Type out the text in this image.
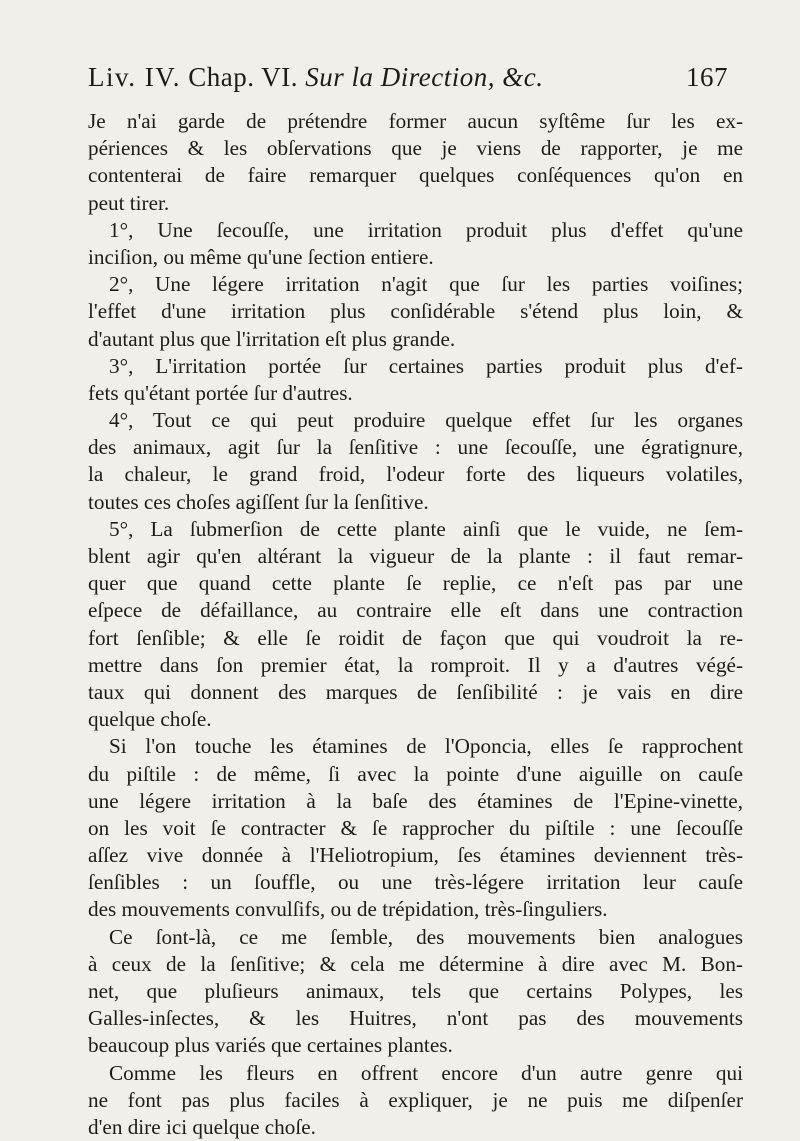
Liv. IV. Chap. VI. Sur la Direction, &c.	167
Je n'ai garde de prétendre former aucun syſtême ſur les ex-
périences & les obſervations que je viens de rapporter, je me
contenterai de faire remarquer quelques conſéquences qu'on en
peut tirer.
1°, Une ſecouſſe, une irritation produit plus d'effet qu'une
inciſion, ou même qu'une ſection entiere.
2°, Une légere irritation n'agit que ſur les parties voiſines;
l'effet d'une irritation plus conſidérable s'étend plus loin, &
d'autant plus que l'irritation eſt plus grande.
3°, L'irritation portée ſur certaines parties produit plus d'ef-
fets qu'étant portée ſur d'autres.
4°, Tout ce qui peut produire quelque effet ſur les organes
des animaux, agit ſur la ſenſitive : une ſecouſſe, une égratignure,
la chaleur, le grand froid, l'odeur forte des liqueurs volatiles,
toutes ces choſes agiſſent ſur la ſenſitive.
5°, La ſubmerſion de cette plante ainſi que le vuide, ne ſem-
blent agir qu'en altérant la vigueur de la plante : il faut remar-
quer que quand cette plante ſe replie, ce n'eſt pas par une
eſpece de défaillance, au contraire elle eſt dans une contraction
fort ſenſible; & elle ſe roidit de façon que qui voudroit la re-
mettre dans ſon premier état, la romproit. Il y a d'autres végé-
taux qui donnent des marques de ſenſibilité : je vais en dire
quelque choſe.
Si l'on touche les étamines de l'Oponcia, elles ſe rapprochent
du piſtile : de même, ſi avec la pointe d'une aiguille on cauſe
une légere irritation à la baſe des étamines de l'Epine-vinette,
on les voit ſe contracter & ſe rapprocher du piſtile : une ſecouſſe
aſſez vive donnée à l'Heliotropium, ſes étamines deviennent très-
ſenſibles : un ſouffle, ou une très-légere irritation leur cauſe
des mouvements convulſifs, ou de trépidation, très-ſinguliers.
Ce ſont-là, ce me ſemble, des mouvements bien analogues
à ceux de la ſenſitive; & cela me détermine à dire avec M. Bon-
net, que pluſieurs animaux, tels que certains Polypes, les
Galles-inſectes, & les Huitres, n'ont pas des mouvements
beaucoup plus variés que certaines plantes.
Comme les fleurs en offrent encore d'un autre genre qui
ne font pas plus faciles à expliquer, je ne puis me diſpenſer
d'en dire ici quelque choſe.
